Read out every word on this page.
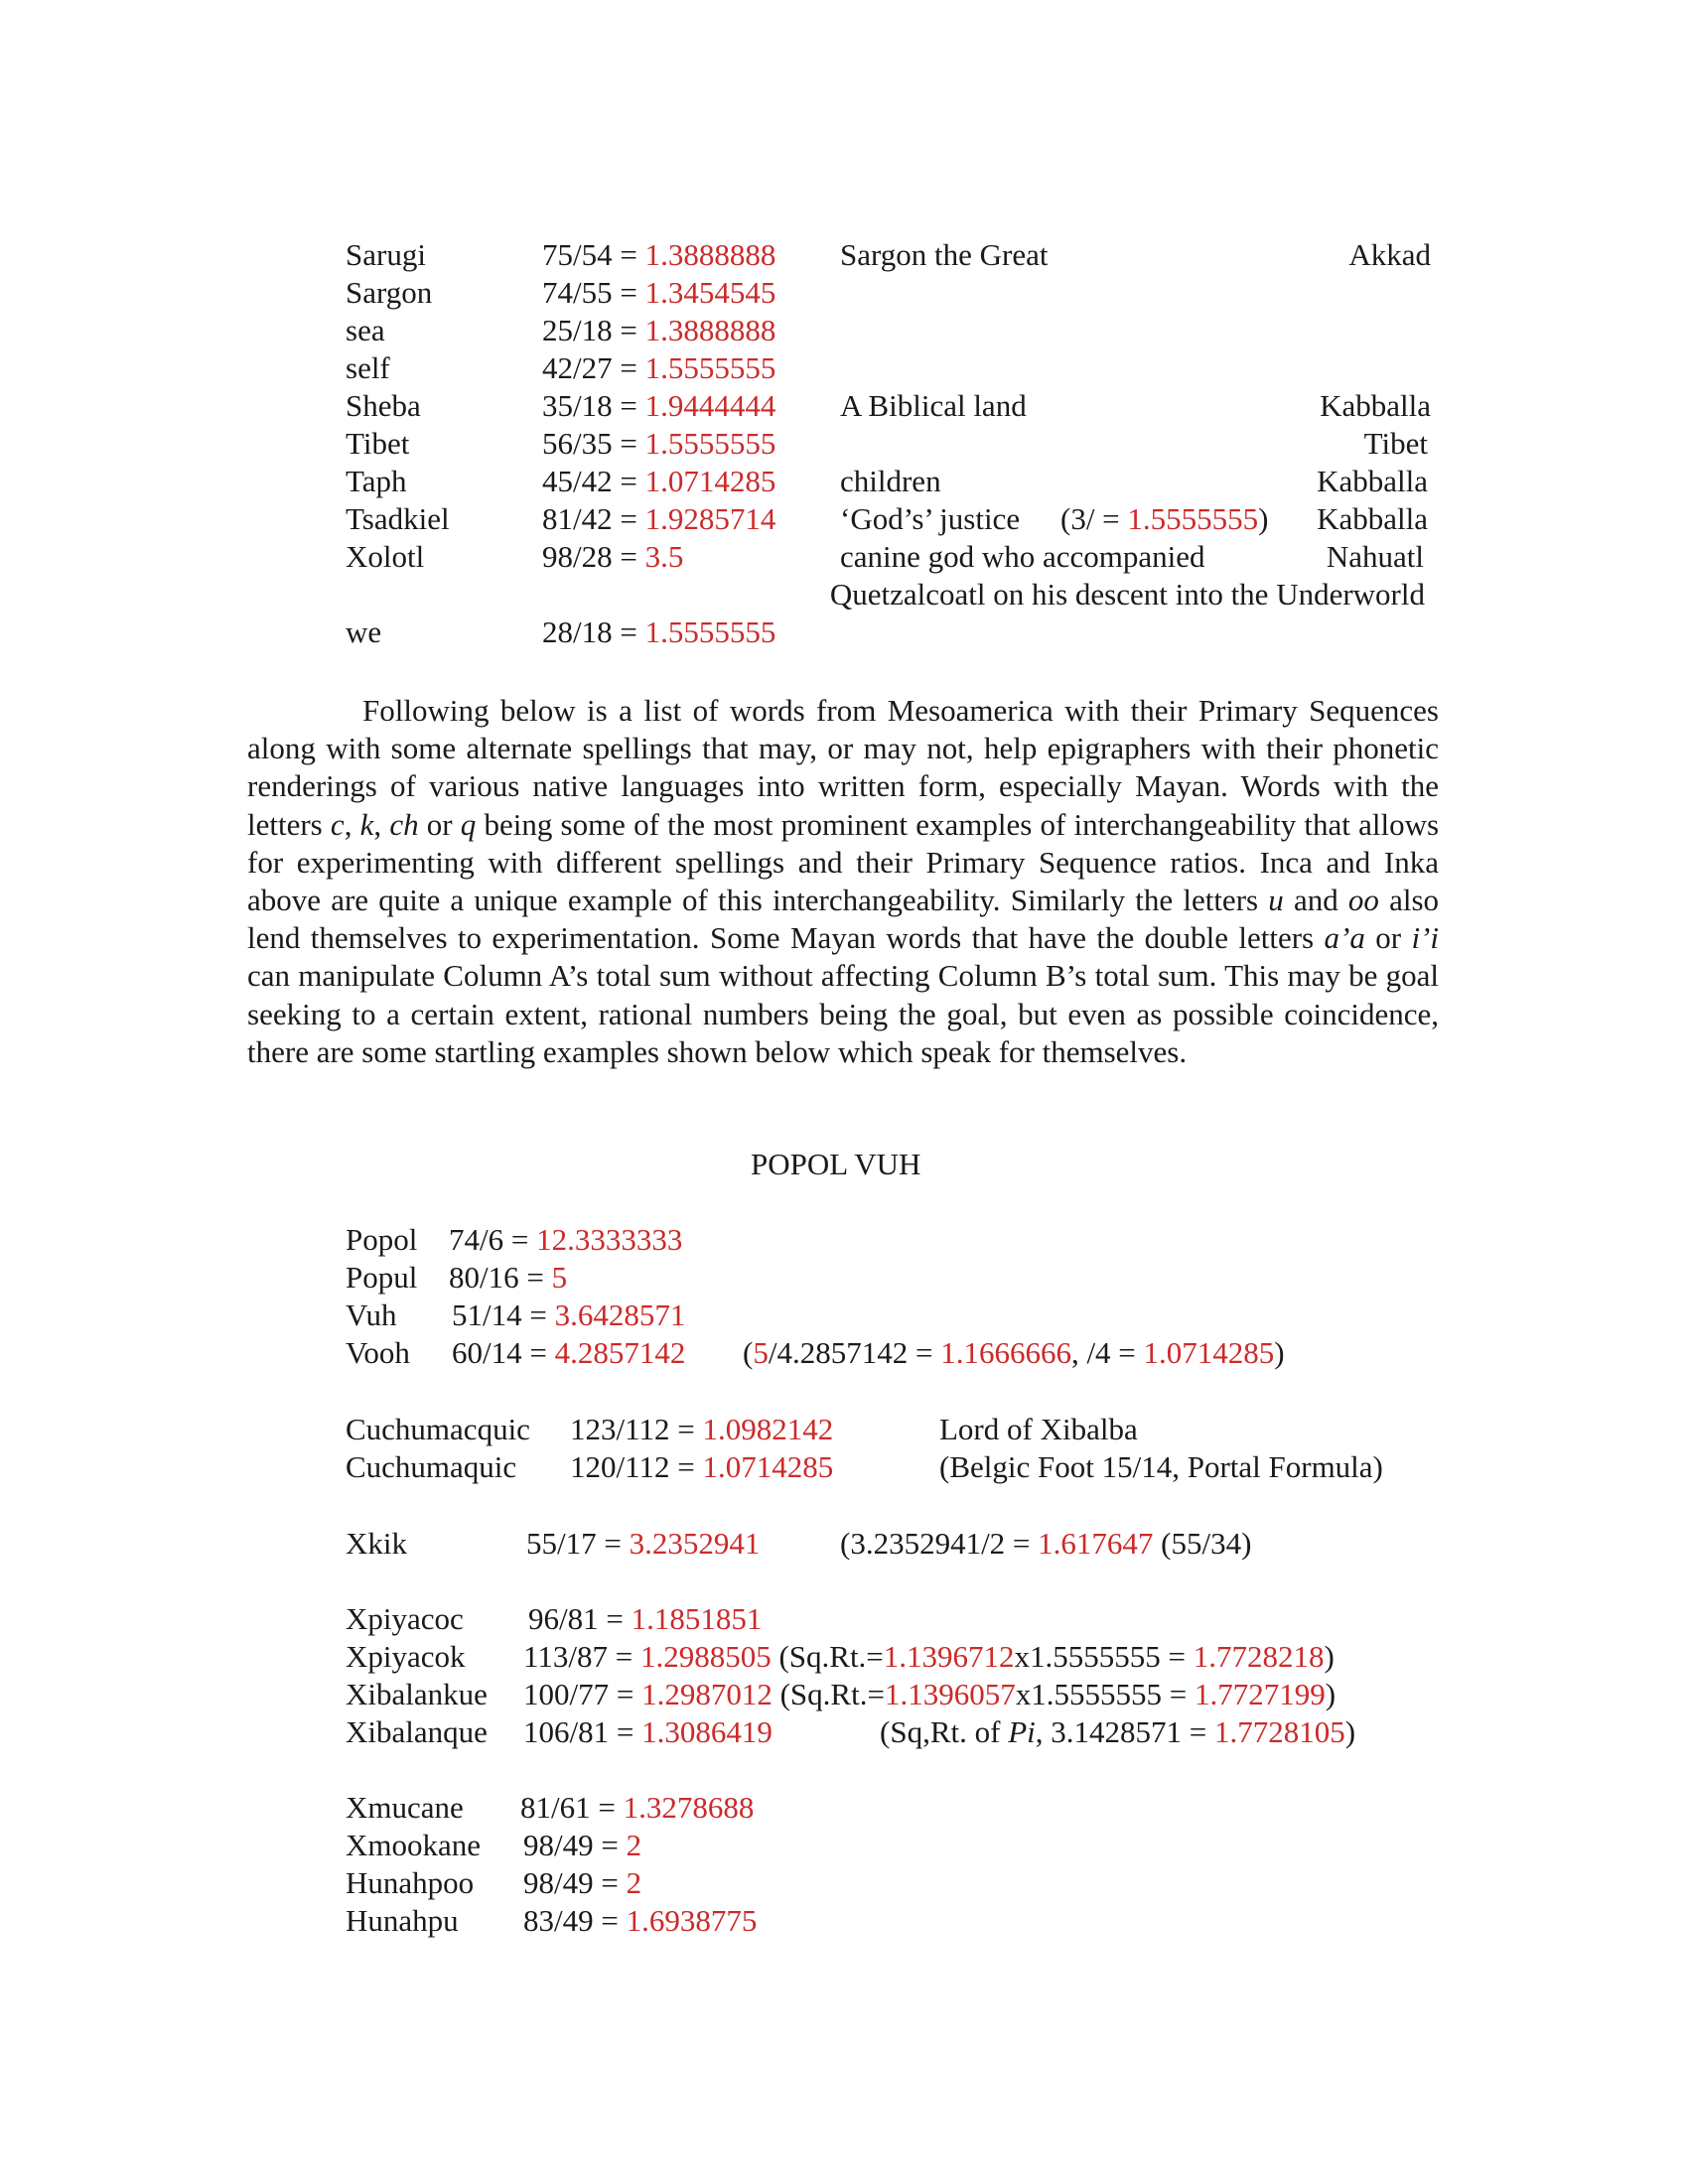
Sarugi	75/54 = 1.3888888 Sargon the Great	Akkad
Sargon	74/55 = 1.3454545
sea	25/18 = 1.3888888
self	42/27 = 1.5555555
Sheba	35/18 = 1.9444444 A Biblical land	Kabballa
Tibet	56/35 = 1.5555555	Tibet
Taph	45/42 = 1.0714285 children	Kabballa
Tsadkiel	81/42 = 1.9285714 ‘God’s’ justice (3/ = 1.5555555) Kabballa
Xolotl	98/28 = 3.5	canine god who accompanied	Nahuatl
Quetzalcoatl on his descent into the Underworld
we	28/18 = 1.5555555
Following below is a list of words from Mesoamerica with their Primary Sequences along with some alternate spellings that may, or may not, help epigraphers with their phonetic renderings of various native languages into written form, especially Mayan. Words with the letters c, k, ch or q being some of the most prominent examples of interchangeability that allows for experimenting with different spellings and their Primary Sequence ratios. Inca and Inka above are quite a unique example of this interchangeability. Similarly the letters u and oo also lend themselves to experimentation. Some Mayan words that have the double letters a’a or i’i can manipulate Column A’s total sum without affecting Column B’s total sum. This may be goal seeking to a certain extent, rational numbers being the goal, but even as possible coincidence, there are some startling examples shown below which speak for themselves.
POPOL VUH
Popol 74/6 = 12.3333333
Popul 80/16 = 5
Vuh 51/14 = 3.6428571
Vooh 60/14 = 4.2857142 (5/4.2857142 = 1.1666666, /4 = 1.0714285)
Cuchumacquic 123/112 = 1.0982142	Lord of Xibalba
Cuchumaquic 120/112 = 1.0714285	(Belgic Foot 15/14, Portal Formula)
Xkik	55/17 = 3.2352941	(3.2352941/2 = 1.617647 (55/34)
Xpiyacoc 96/81 = 1.1851851
Xpiyacok 113/87 = 1.2988505 (Sq.Rt.=1.1396712x1.5555555 = 1.7728218)
Xibalankue 100/77 = 1.2987012 (Sq.Rt.=1.1396057x1.5555555 = 1.7727199)
Xibalanque 106/81 = 1.3086419	(Sq,Rt. of Pi, 3.1428571 = 1.7728105)
Xmucane 81/61 = 1.3278688
Xmookane 98/49 = 2
Hunahpoo 98/49 = 2
Hunahpu 83/49 = 1.6938775
